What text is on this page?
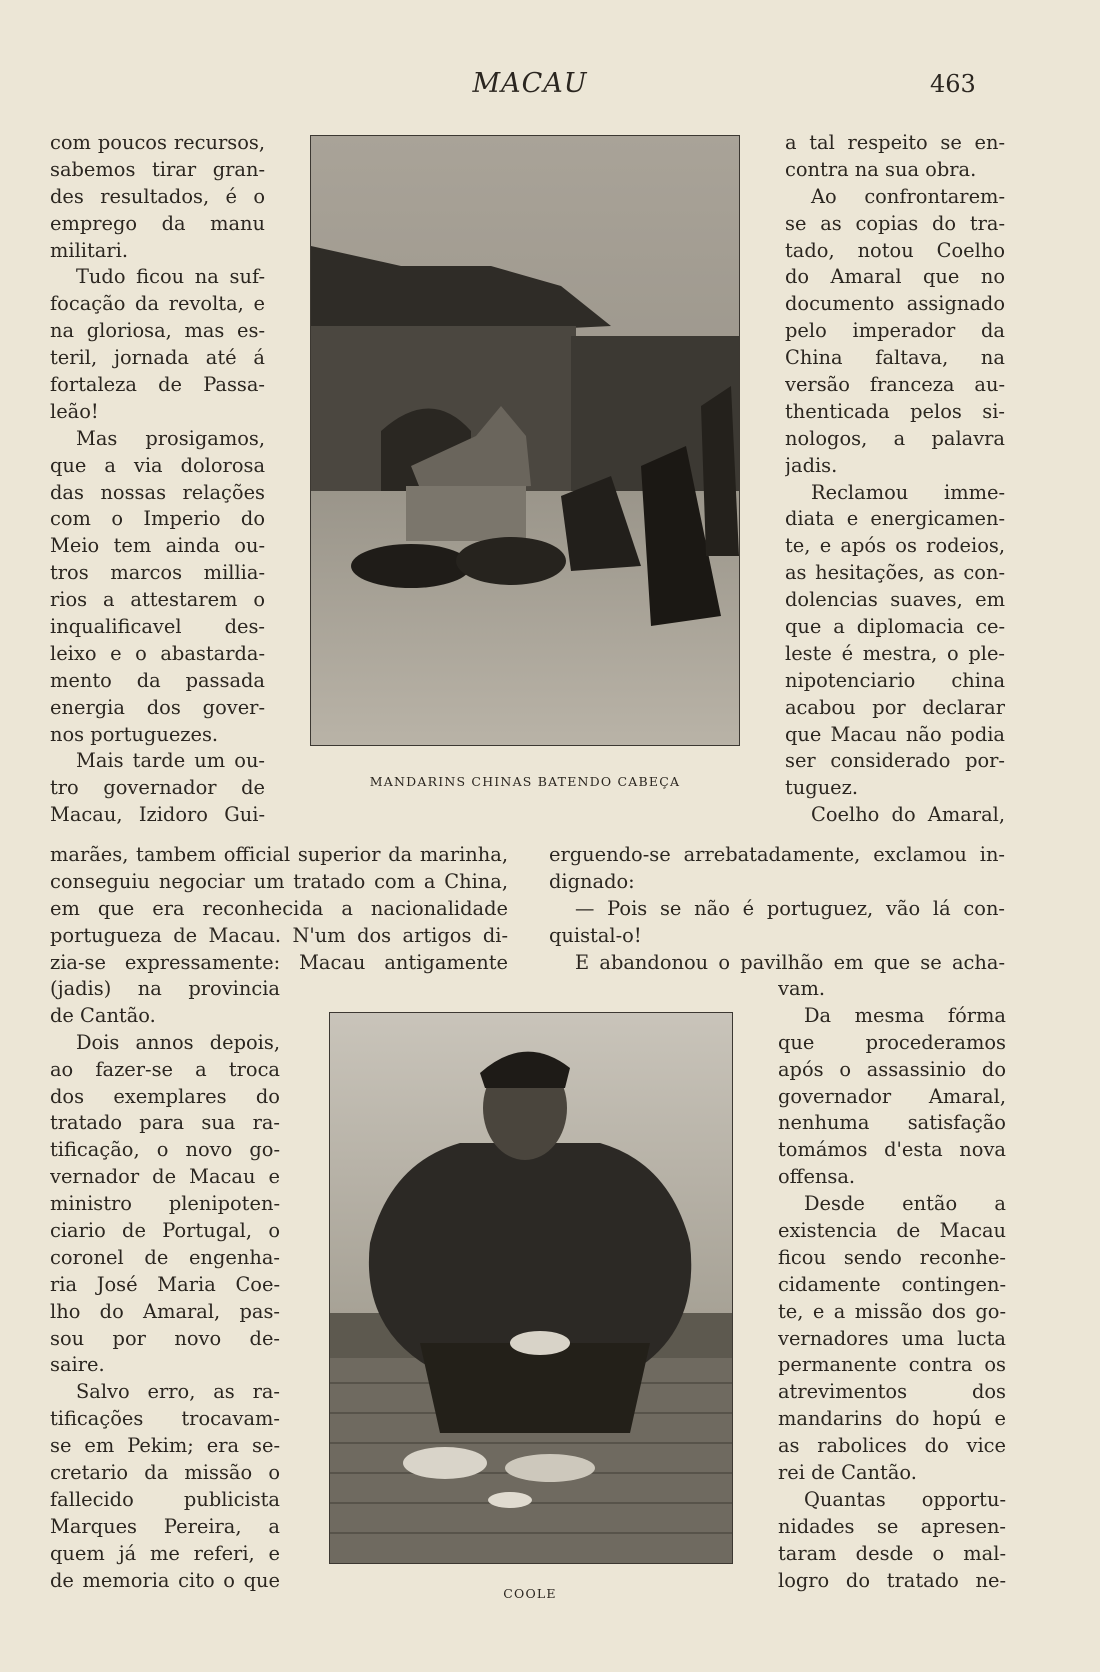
MACAU	463
MANDARINS CHINAS BATENDO CABEÇA
COOLE
com poucos recursos,
sabemos tirar gran-
des resultados, é o
emprego da manu
militari.
Tudo ficou na suf-
focação da revolta, e
na gloriosa, mas es-
teril, jornada até á
fortaleza de Passa-
leão!
Mas prosigamos,
que a via dolorosa
das nossas relações
com o Imperio do
Meio tem ainda ou-
tros marcos millia-
rios a attestarem o
inqualificavel des-
leixo e o abastarda-
mento da passada
energia dos gover-
nos portuguezes.
Mais tarde um ou-
tro governador de
Macau, Izidoro Gui-
marães, tambem official superior da marinha,
conseguiu negociar um tratado com a China,
em que era reconhecida a nacionalidade
portugueza de Macau. N'um dos artigos di-
zia-se expressamente: Macau antigamente
(jadis) na provincia
de Cantão.
Dois annos depois,
ao fazer-se a troca
dos exemplares do
tratado para sua ra-
tificação, o novo go-
vernador de Macau e
ministro plenipoten-
ciario de Portugal, o
coronel de engenha-
ria José Maria Coe-
lho do Amaral, pas-
sou por novo de-
saire.
Salvo erro, as ra-
tificações trocavam-
se em Pekim; era se-
cretario da missão o
fallecido publicista
Marques Pereira, a
quem já me referi, e
de memoria cito o que
a tal respeito se en-
contra na sua obra.
Ao confrontarem-
se as copias do tra-
tado, notou Coelho
do Amaral que no
documento assignado
pelo imperador da
China faltava, na
versão franceza au-
thenticada pelos si-
nologos, a palavra
jadis.
Reclamou imme-
diata e energicamen-
te, e após os rodeios,
as hesitações, as con-
dolencias suaves, em
que a diplomacia ce-
leste é mestra, o ple-
nipotenciario china
acabou por declarar
que Macau não podia
ser considerado por-
tuguez.
Coelho do Amaral,
erguendo-se arrebatadamente, exclamou in-
dignado:
— Pois se não é portuguez, vão lá con-
quistal-o!
E abandonou o pavilhão em que se acha-
vam.
Da mesma fórma
que procederamos
após o assassinio do
governador Amaral,
nenhuma satisfação
tomámos d'esta nova
offensa.
Desde então a
existencia de Macau
ficou sendo reconhe-
cidamente contingen-
te, e a missão dos go-
vernadores uma lucta
permanente contra os
atrevimentos dos
mandarins do hopú e
as rabolices do vice
rei de Cantão.
Quantas opportu-
nidades se apresen-
taram desde o mal-
logro do tratado ne-
